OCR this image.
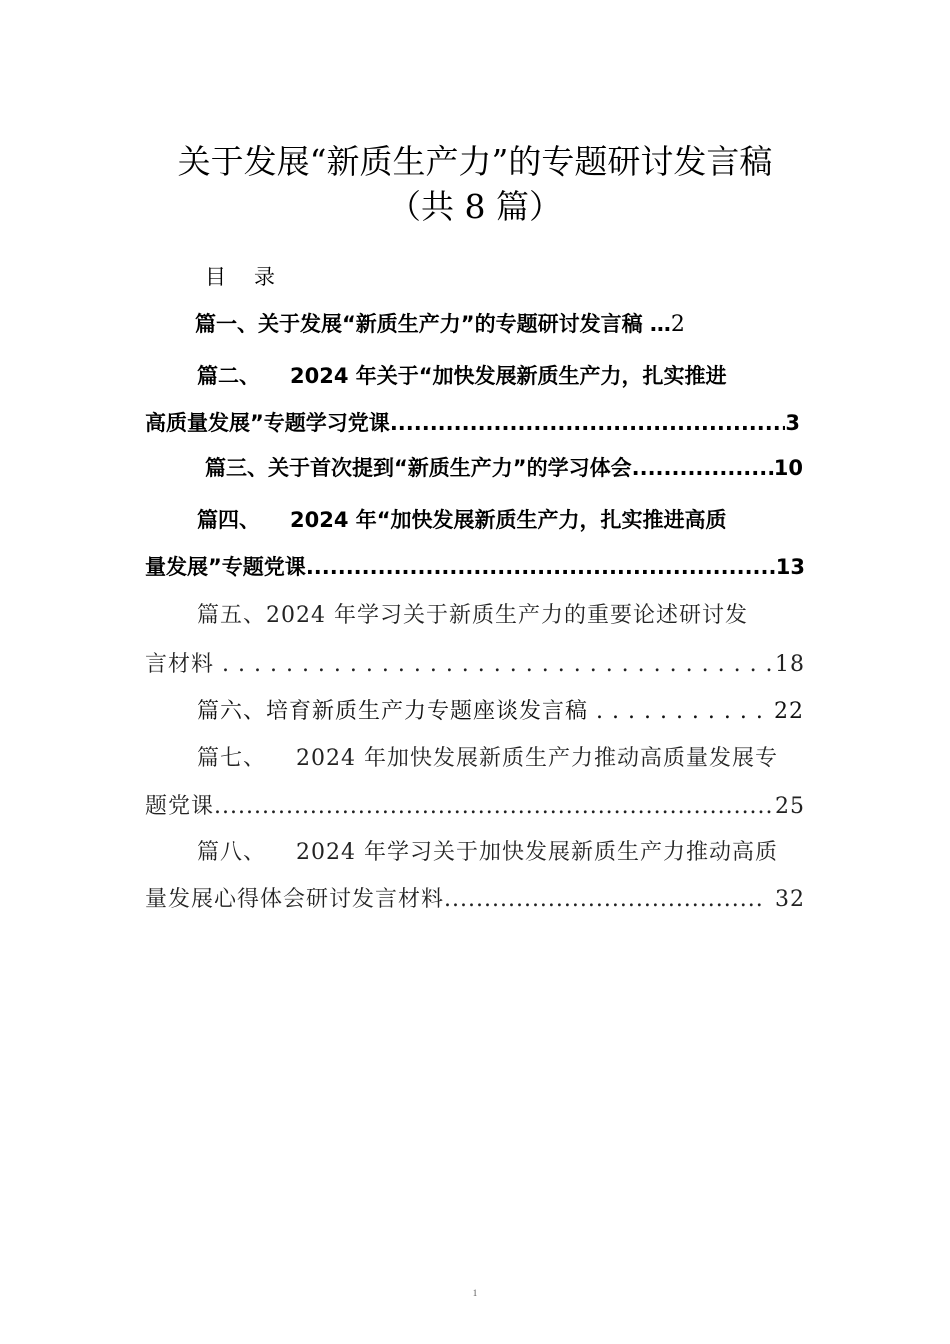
关于发展“新质生产力”的专题研讨发言稿
（共 8 篇）
目 录
篇一、关于发展“新质生产力”的专题研讨发言稿 … 2
篇二、 2024 年关于“加快发展新质生产力，扎实推进
高质量发展”专题学习党课 .....	3
篇三、关于首次提到“新质生产力”的学习体会 .....	10
篇四、 2024 年“加快发展新质生产力，扎实推进高质
量发展”专题党课 .....	13
篇五、2024 年学习关于新质生产力的重要论述研讨发
言材料
. . .	18
篇六、培育新质生产力专题座谈发言稿
. . .	22
篇七、 2024 年加快发展新质生产力推动高质量发展专
题党课 .....	25
篇八、 2024 年学习关于加快发展新质生产力推动高质
量发展心得体会研讨发言材料 .....	32
1
